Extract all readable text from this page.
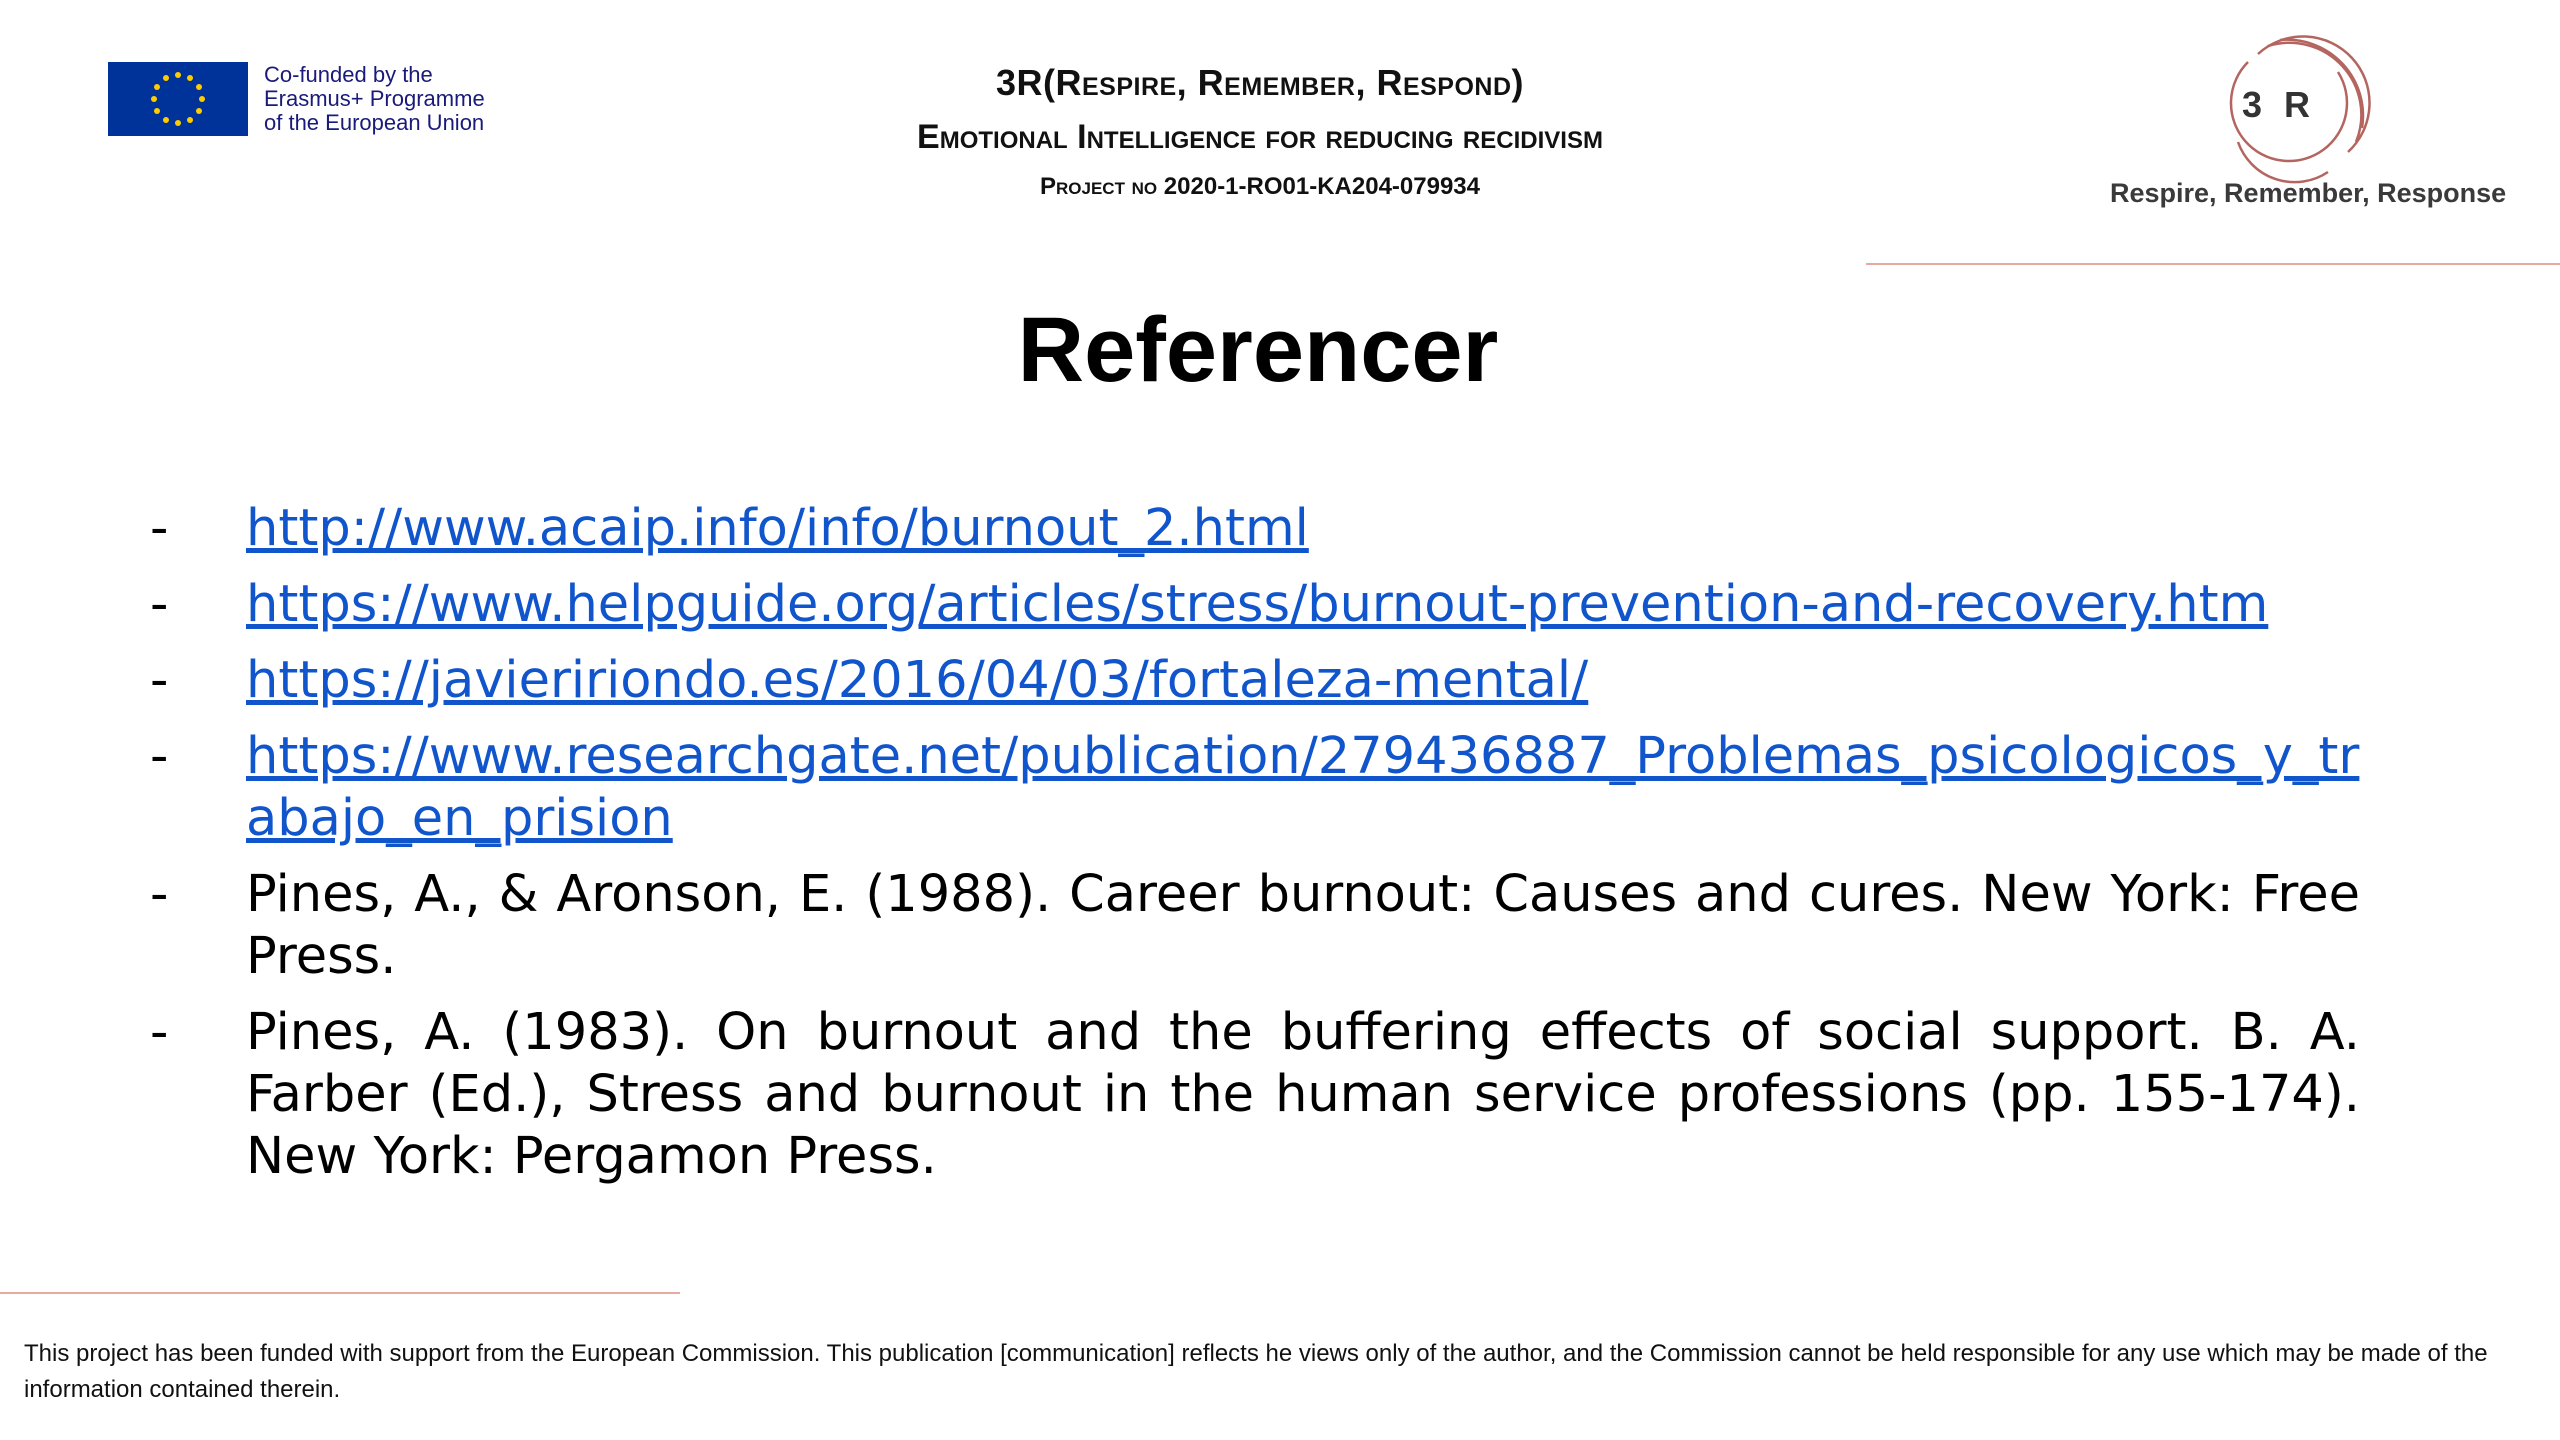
Co-funded by the
Erasmus+ Programme
of the European Union
3R(Respire, Remember, Respond)
Emotional Intelligence for reducing recidivism
Project no 2020-1-RO01-KA204-079934
3 R
Respire, Remember, Response
Referencer
-	http://www.acaip.info/info/burnout_2.html
-	https://www.helpguide.org/articles/stress/burnout-prevention-and-recovery.htm
-	https://javieririondo.es/2016/04/03/fortaleza-mental/
-	https://www.researchgate.net/publication/279436887_Problemas_psicologicos_y_trabajo_en_prision
-	Pines, A., & Aronson, E. (1988). Career burnout: Causes and cures. New York: Free Press.
-	Pines, A. (1983). On burnout and the buffering effects of social support. B. A. Farber (Ed.), Stress and burnout in the human service professions (pp. 155-174). New York: Pergamon Press.
This project has been funded with support from the European Commission. This publication [communication] reflects he views only of the author, and the Commission cannot be held responsible for any use which may be made of the information contained therein.
